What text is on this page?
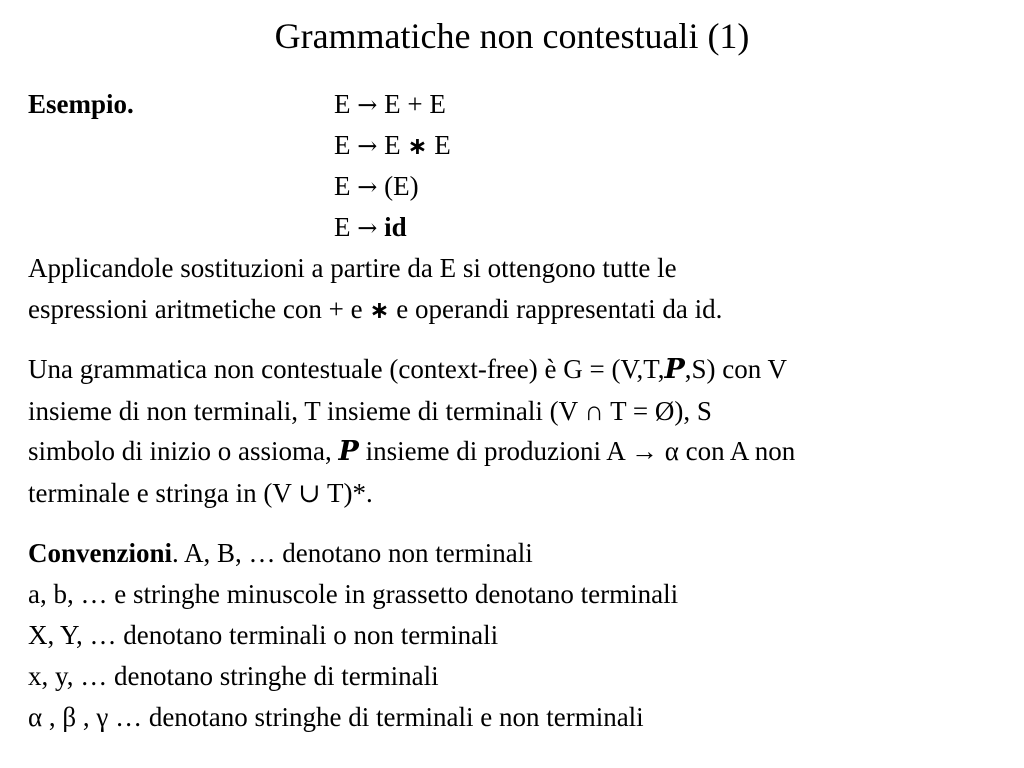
Grammatiche non contestuali (1)
Esempio.	E → E + E
E → E ∗ E
E → (E)
E → id
Applicandole sostituzioni a partire da E si ottengono tutte le
espressioni aritmetiche con + e ∗ e operandi rappresentati da id.
Una grammatica non contestuale (context-free) è G = (V,T,P,S) con V
insieme di non terminali, T insieme di terminali (V ∩ T = Ø), S
simbolo di inizio o assioma, P insieme di produzioni A → α con A non
terminale e stringa in (V ∪ T)*.
Convenzioni. A, B, … denotano non terminali
a, b, … e stringhe minuscole in grassetto denotano terminali
X, Y, … denotano terminali o non terminali
x, y, … denotano stringhe di terminali
α , β , γ … denotano stringhe di terminali e non terminali
